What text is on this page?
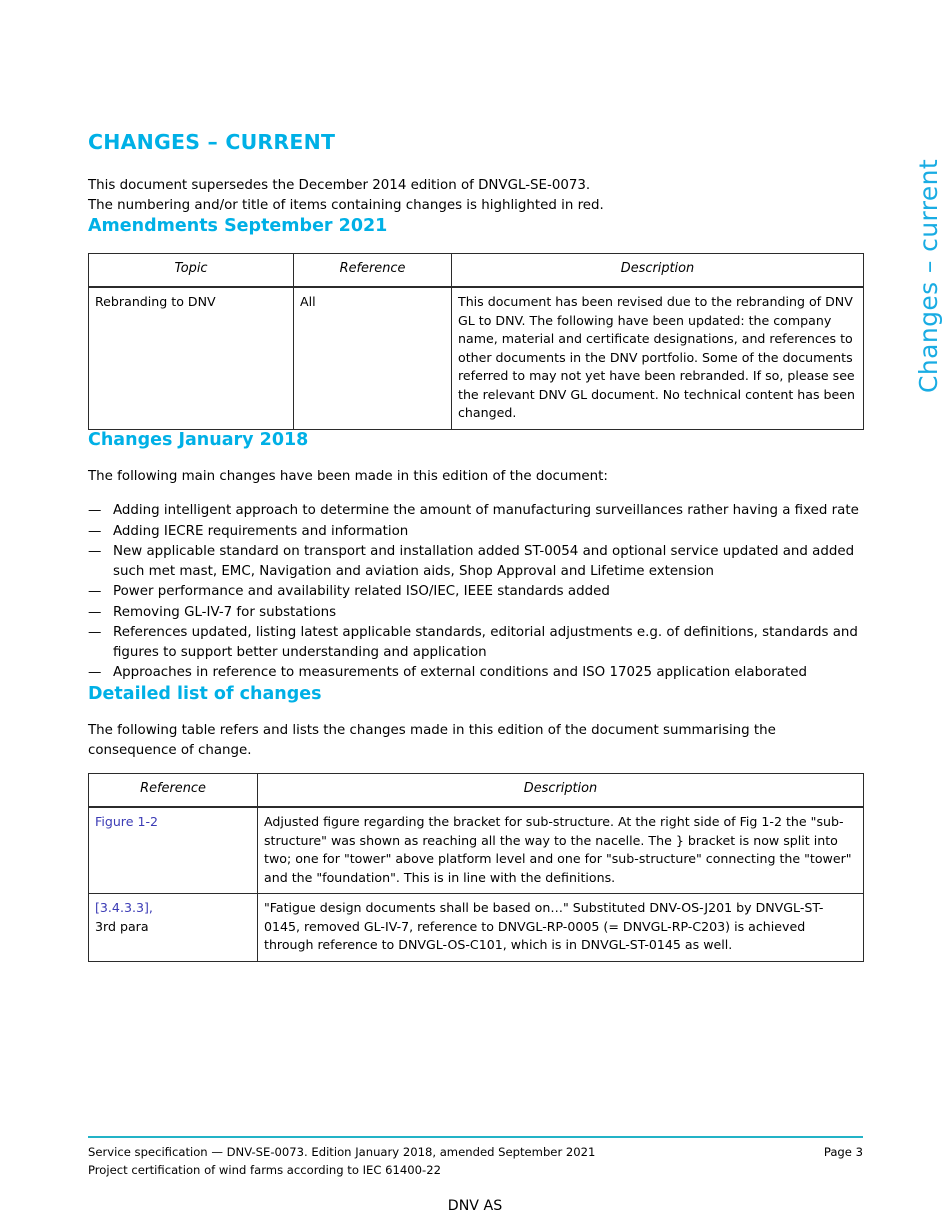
Changes – current
CHANGES – CURRENT

This document supersedes the December 2014 edition of DNVGL-SE-0073.

The numbering and/or title of items containing changes is highlighted in red.

Amendments September 2021
Topic	Reference	Description
Rebranding to DNV	All	This document has been revised due to the rebranding of DNV GL to DNV. The following have been updated: the company name, material and certificate designations, and references to other documents in the DNV portfolio. Some of the documents referred to may not yet have been rebranded. If so, please see the relevant DNV GL document. No technical content has been changed.
Changes January 2018

The following main changes have been made in this edition of the document:

— Adding intelligent approach to determine the amount of manufacturing surveillances rather having a fixed rate
— Adding IECRE requirements and information
— New applicable standard on transport and installation added ST-0054 and optional service updated and added such met mast, EMC, Navigation and aviation aids, Shop Approval and Lifetime extension
— Power performance and availability related ISO/IEC, IEEE standards added
— Removing GL-IV-7 for substations
— References updated, listing latest applicable standards, editorial adjustments e.g. of definitions, standards and figures to support better understanding and application
— Approaches in reference to measurements of external conditions and ISO 17025 application elaborated
Detailed list of changes

The following table refers and lists the changes made in this edition of the document summarising the consequence of change.

Reference	Description
Figure 1-2	Adjusted figure regarding the bracket for sub-structure. At the right side of Fig 1-2 the "sub-structure" was shown as reaching all the way to the nacelle. The } bracket is now split into two; one for "tower" above platform level and one for "sub-structure" connecting the "tower" and the "foundation". This is in line with the definitions.
[3.4.3.3],
3rd para	"Fatigue design documents shall be based on…" Substituted DNV-OS-J201 by DNVGL-ST-0145, removed GL-IV-7, reference to DNVGL-RP-0005 (= DNVGL-RP-C203) is achieved through reference to DNVGL-OS-C101, which is in DNVGL-ST-0145 as well.
Service specification — DNV-SE-0073. Edition January 2018, amended September 2021
Project certification of wind farms according to IEC 61400-22
Page 3
DNV AS
